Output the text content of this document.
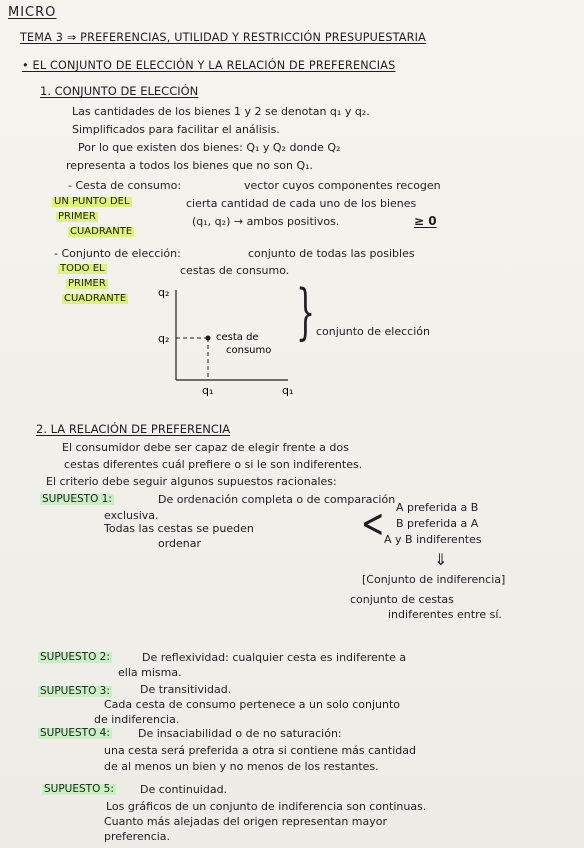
MICRO
TEMA 3 ⇒ PREFERENCIAS, UTILIDAD Y RESTRICCIÓN PRESUPUESTARIA
• EL CONJUNTO DE ELECCIÓN Y LA RELACIÓN DE PREFERENCIAS
1. CONJUNTO DE ELECCIÓN
Las cantidades de los bienes 1 y 2 se denotan q₁ y q₂.
Simplificados para facilitar el análisis.
Por lo que existen dos bienes: Q₁ y Q₂ donde Q₂
representa a todos los bienes que no son Q₁.
- Cesta de consumo:	vector cuyos componentes recogen
cierta cantidad de cada uno de los bienes
(q₁, q₂) → ambos positivos.	≥ 0
UN PUNTO DEL
PRIMER
CUADRANTE
- Conjunto de elección:	conjunto de todas las posibles
cestas de consumo.
TODO EL
PRIMER
CUADRANTE	q₂
q₁
q₂
q₁
cesta de
consumo
} conjunto de elección
2. LA RELACIÓN DE PREFERENCIA
El consumidor debe ser capaz de elegir frente a dos
cestas diferentes cuál prefiere o si le son indiferentes.
El criterio debe seguir algunos supuestos racionales:
SUPUESTO 1:	De ordenación completa o de comparación
exclusiva.
Todas las cestas se pueden
ordenar	< A preferida a B
B preferida a A
A y B indiferentes
⇓
[Conjunto de indiferencia]
conjunto de cestas
indiferentes entre sí.
SUPUESTO 2:	De reflexividad: cualquier cesta es indiferente a
ella misma.
SUPUESTO 3:	De transitividad.
Cada cesta de consumo pertenece a un solo conjunto
de indiferencia.
SUPUESTO 4:	De insaciabilidad o de no saturación:
una cesta será preferida a otra si contiene más cantidad
de al menos un bien y no menos de los restantes.
SUPUESTO 5: De continuidad.
Los gráficos de un conjunto de indiferencia son continuas.
Cuanto más alejadas del origen representan mayor
preferencia.
